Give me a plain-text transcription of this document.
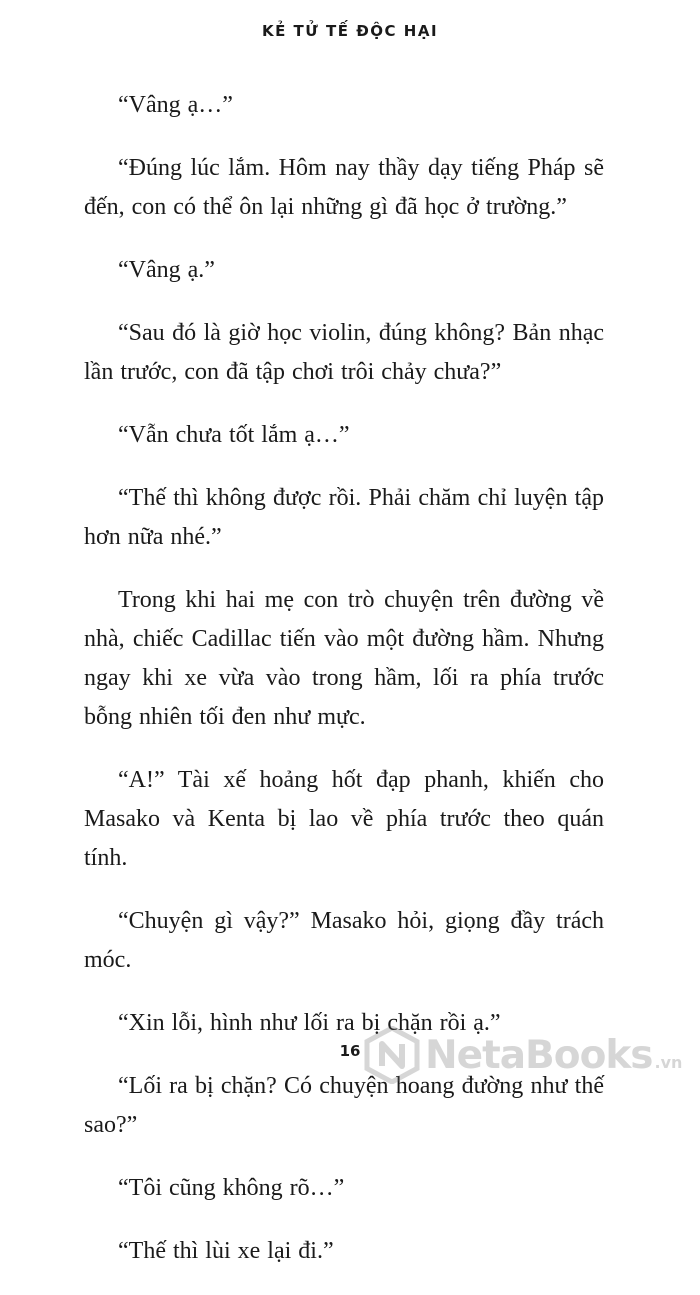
KẺ TỬ TẾ ĐỘC HẠI

“Vâng ạ…”

“Đúng lúc lắm. Hôm nay thầy dạy tiếng Pháp sẽ đến, con có thể ôn lại những gì đã học ở trường.”

“Vâng ạ.”

“Sau đó là giờ học violin, đúng không? Bản nhạc lần trước, con đã tập chơi trôi chảy chưa?”

“Vẫn chưa tốt lắm ạ…”

“Thế thì không được rồi. Phải chăm chỉ luyện tập hơn nữa nhé.”

Trong khi hai mẹ con trò chuyện trên đường về nhà, chiếc Cadillac tiến vào một đường hầm. Nhưng ngay khi xe vừa vào trong hầm, lối ra phía trước bỗng nhiên tối đen như mực.

“A!” Tài xế hoảng hốt đạp phanh, khiến cho Masako và Kenta bị lao về phía trước theo quán tính.

“Chuyện gì vậy?” Masako hỏi, giọng đầy trách móc.

“Xin lỗi, hình như lối ra bị chặn rồi ạ.”

“Lối ra bị chặn? Có chuyện hoang đường như thế sao?”

“Tôi cũng không rõ…”

“Thế thì lùi xe lại đi.”

16	NetaBooks .vn
